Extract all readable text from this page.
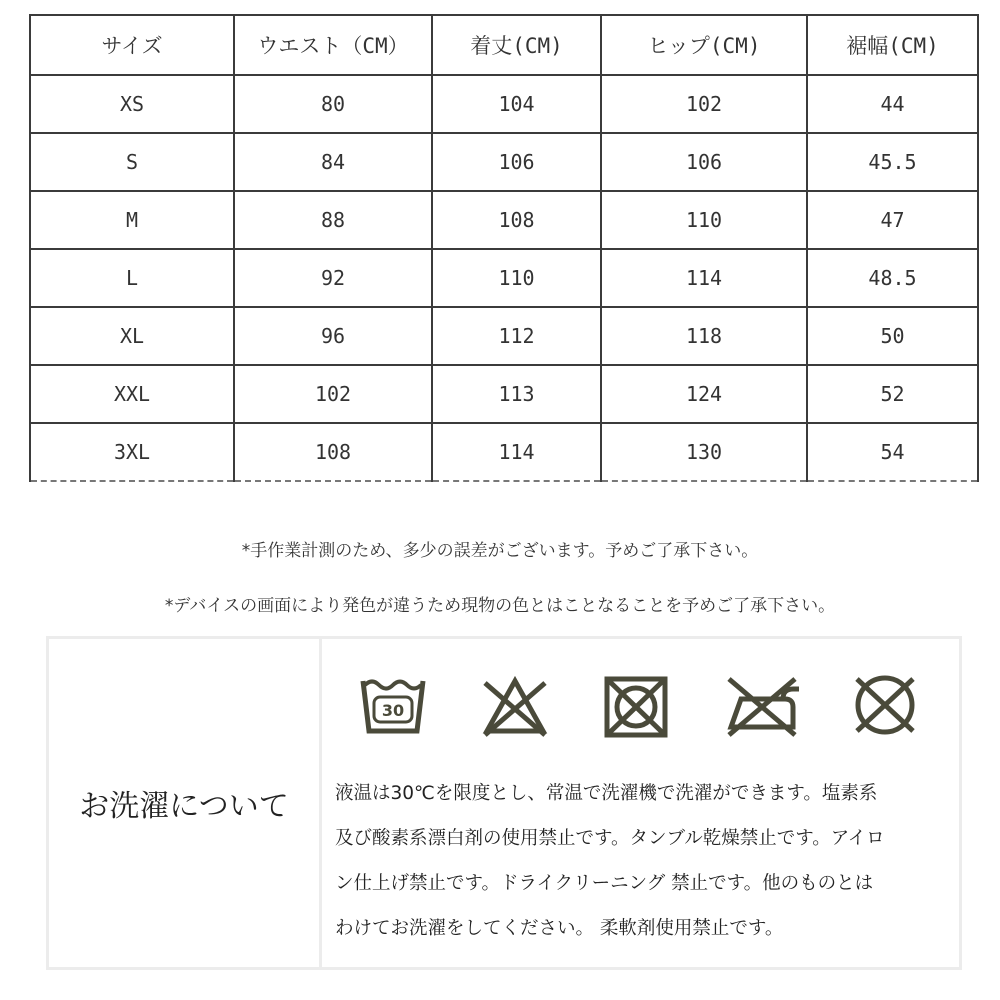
サイズ	ウエスト（CM）	着丈(CM)	ヒップ(CM)	裾幅(CM)
XS	80	104	102	44
S	84	106	106	45.5
M	88	108	110	47
L	92	110	114	48.5
XL	96	112	118	50
XXL	102	113	124	52
3XL	108	114	130	54
*手作業計測のため、多少の誤差がございます。予めご了承下さい。
*デバイスの画面により発色が違うため現物の色とはことなることを予めご了承下さい。
お洗濯について
30
液温は30℃を限度とし、常温で洗濯機で洗濯ができます。塩素系
及び酸素系漂白剤の使用禁止です。タンブル乾燥禁止です。アイロ
ン仕上げ禁止です。ドライクリーニング 禁止です。他のものとは
わけてお洗濯をしてください。 柔軟剤使用禁止です。
